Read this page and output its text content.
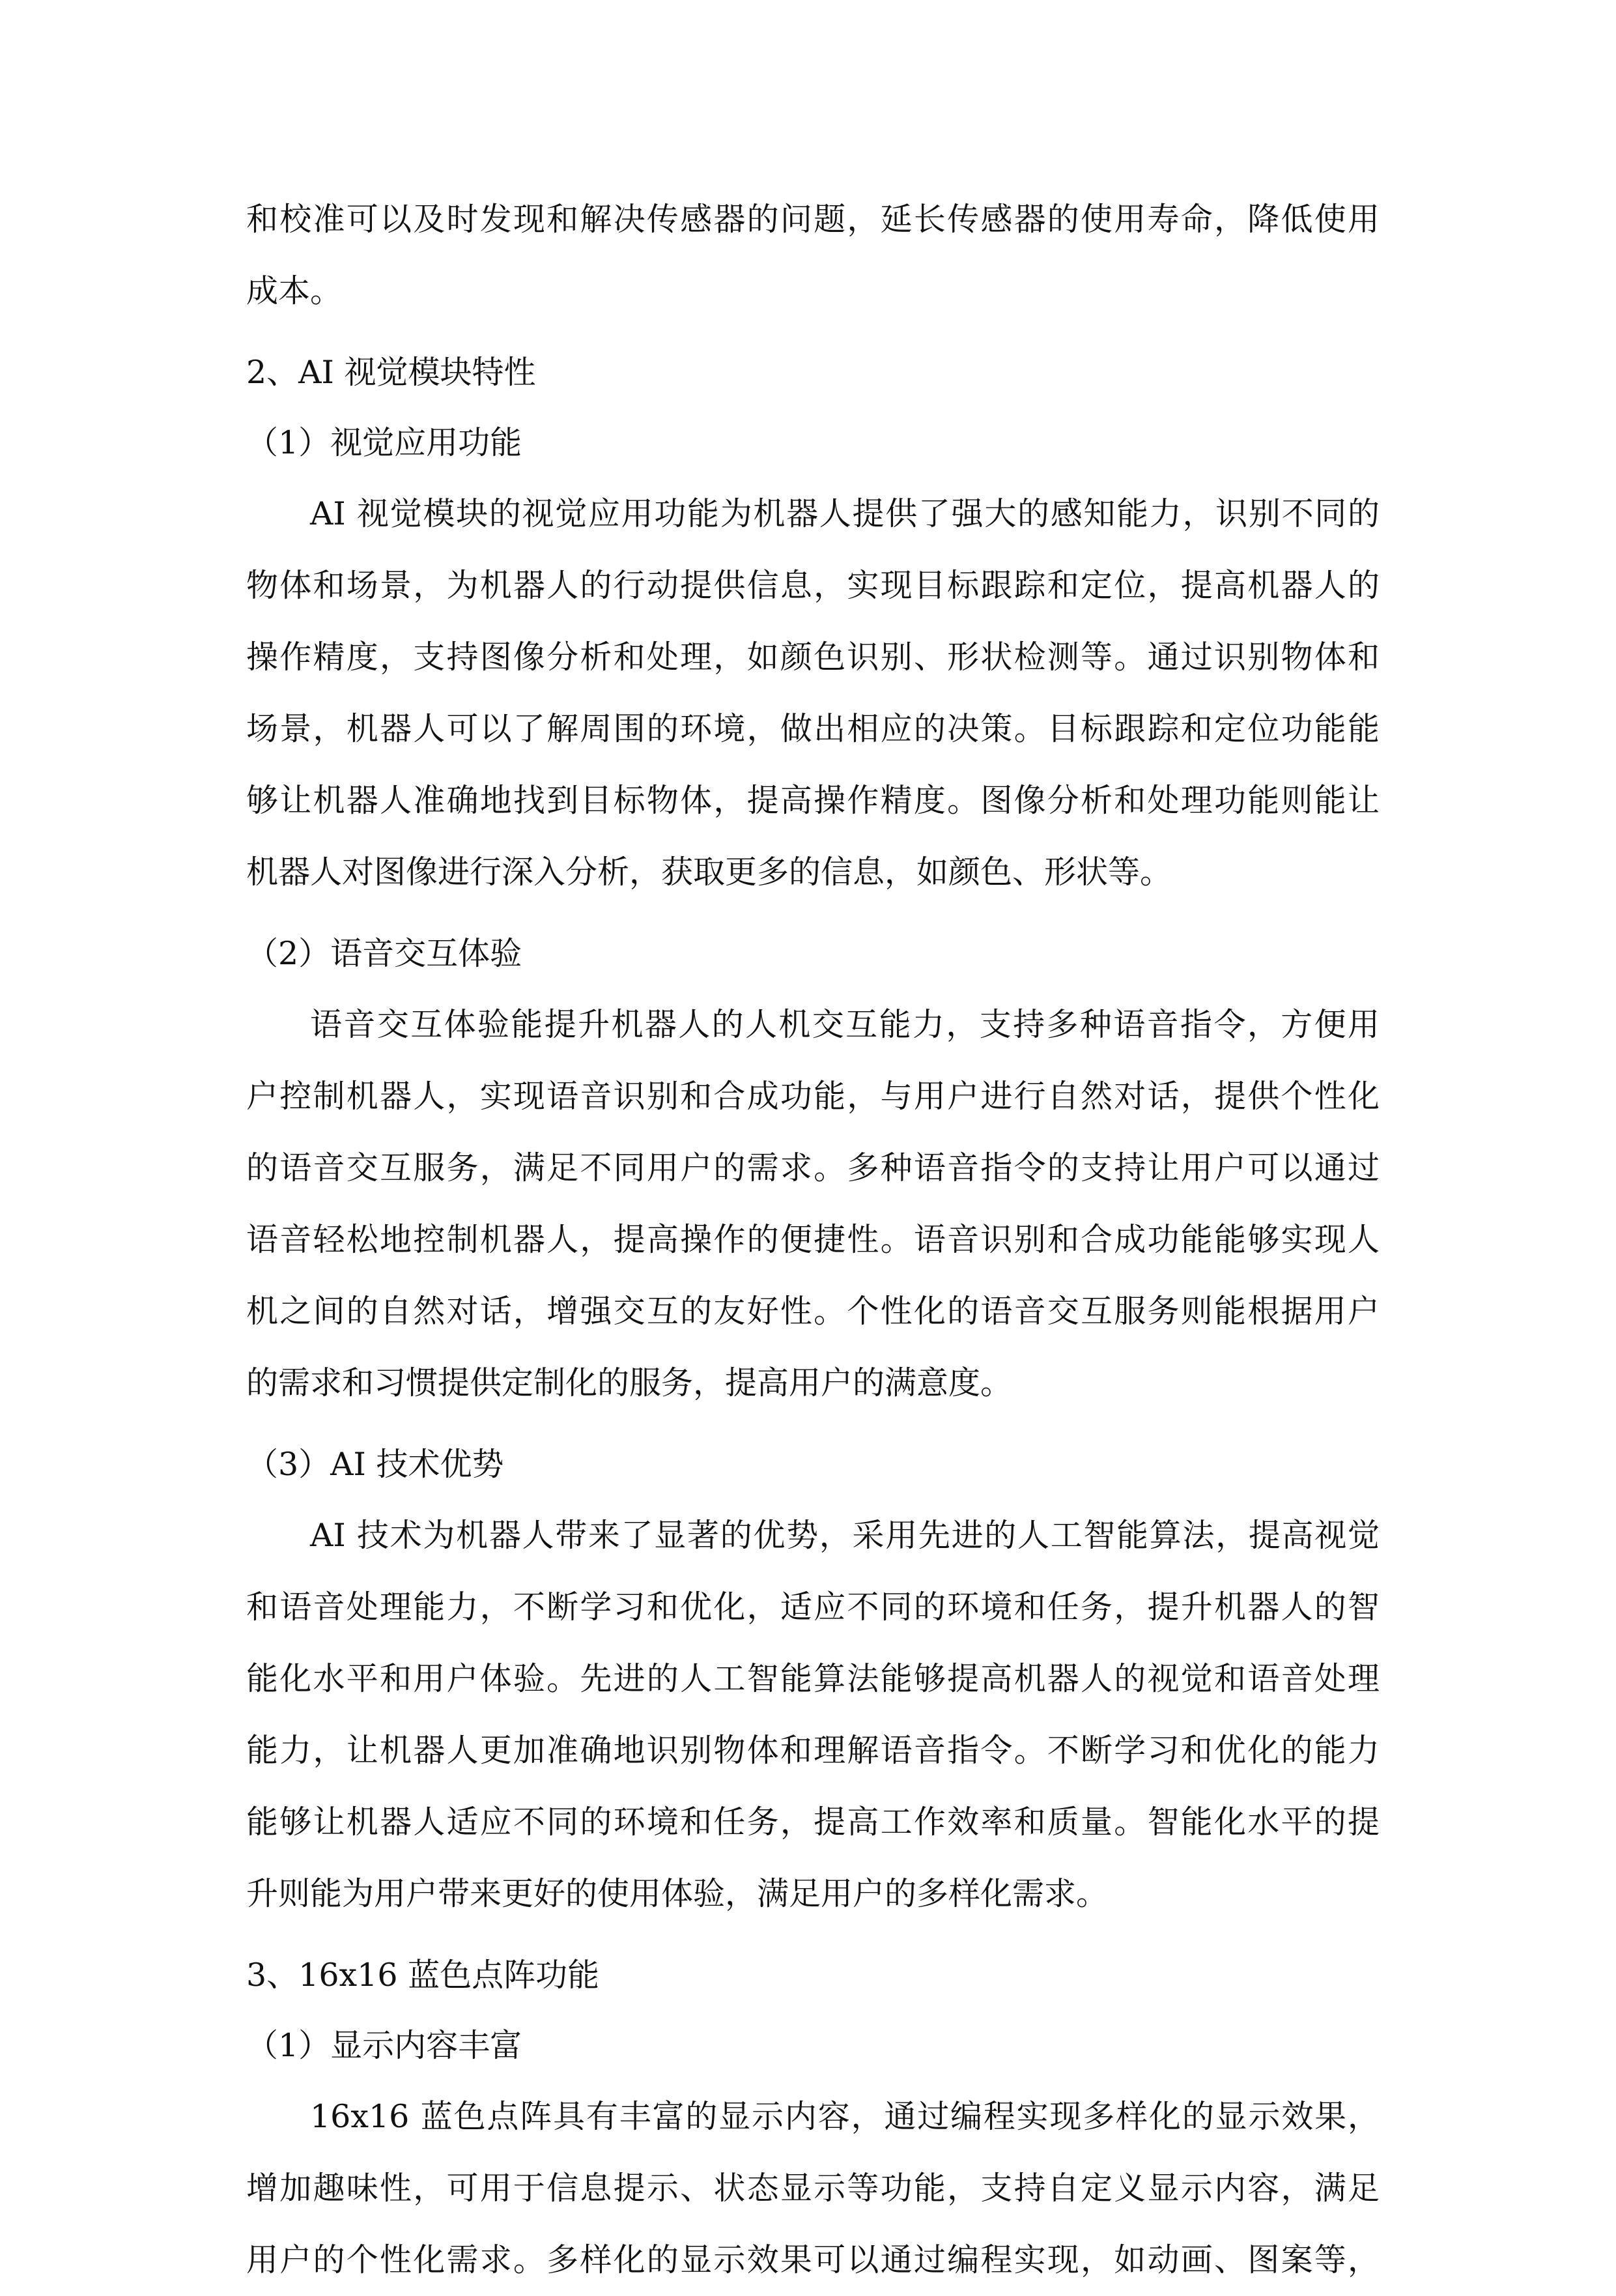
和校准可以及时发现和解决传感器的问题，延长传感器的使用寿命，降低使用
成本。
2、AI 视觉模块特性
（1）视觉应用功能
AI 视觉模块的视觉应用功能为机器人提供了强大的感知能力，识别不同的
物体和场景，为机器人的行动提供信息，实现目标跟踪和定位，提高机器人的
操作精度，支持图像分析和处理，如颜色识别、形状检测等。通过识别物体和
场景，机器人可以了解周围的环境，做出相应的决策。目标跟踪和定位功能能
够让机器人准确地找到目标物体，提高操作精度。图像分析和处理功能则能让
机器人对图像进行深入分析，获取更多的信息，如颜色、形状等。
（2）语音交互体验
语音交互体验能提升机器人的人机交互能力，支持多种语音指令，方便用
户控制机器人，实现语音识别和合成功能，与用户进行自然对话，提供个性化
的语音交互服务，满足不同用户的需求。多种语音指令的支持让用户可以通过
语音轻松地控制机器人，提高操作的便捷性。语音识别和合成功能能够实现人
机之间的自然对话，增强交互的友好性。个性化的语音交互服务则能根据用户
的需求和习惯提供定制化的服务，提高用户的满意度。
（3）AI 技术优势
AI 技术为机器人带来了显著的优势，采用先进的人工智能算法，提高视觉
和语音处理能力，不断学习和优化，适应不同的环境和任务，提升机器人的智
能化水平和用户体验。先进的人工智能算法能够提高机器人的视觉和语音处理
能力，让机器人更加准确地识别物体和理解语音指令。不断学习和优化的能力
能够让机器人适应不同的环境和任务，提高工作效率和质量。智能化水平的提
升则能为用户带来更好的使用体验，满足用户的多样化需求。
3、16x16 蓝色点阵功能
（1）显示内容丰富
16x16 蓝色点阵具有丰富的显示内容，通过编程实现多样化的显示效果，
增加趣味性，可用于信息提示、状态显示等功能，支持自定义显示内容，满足
用户的个性化需求。多样化的显示效果可以通过编程实现，如动画、图案等，
